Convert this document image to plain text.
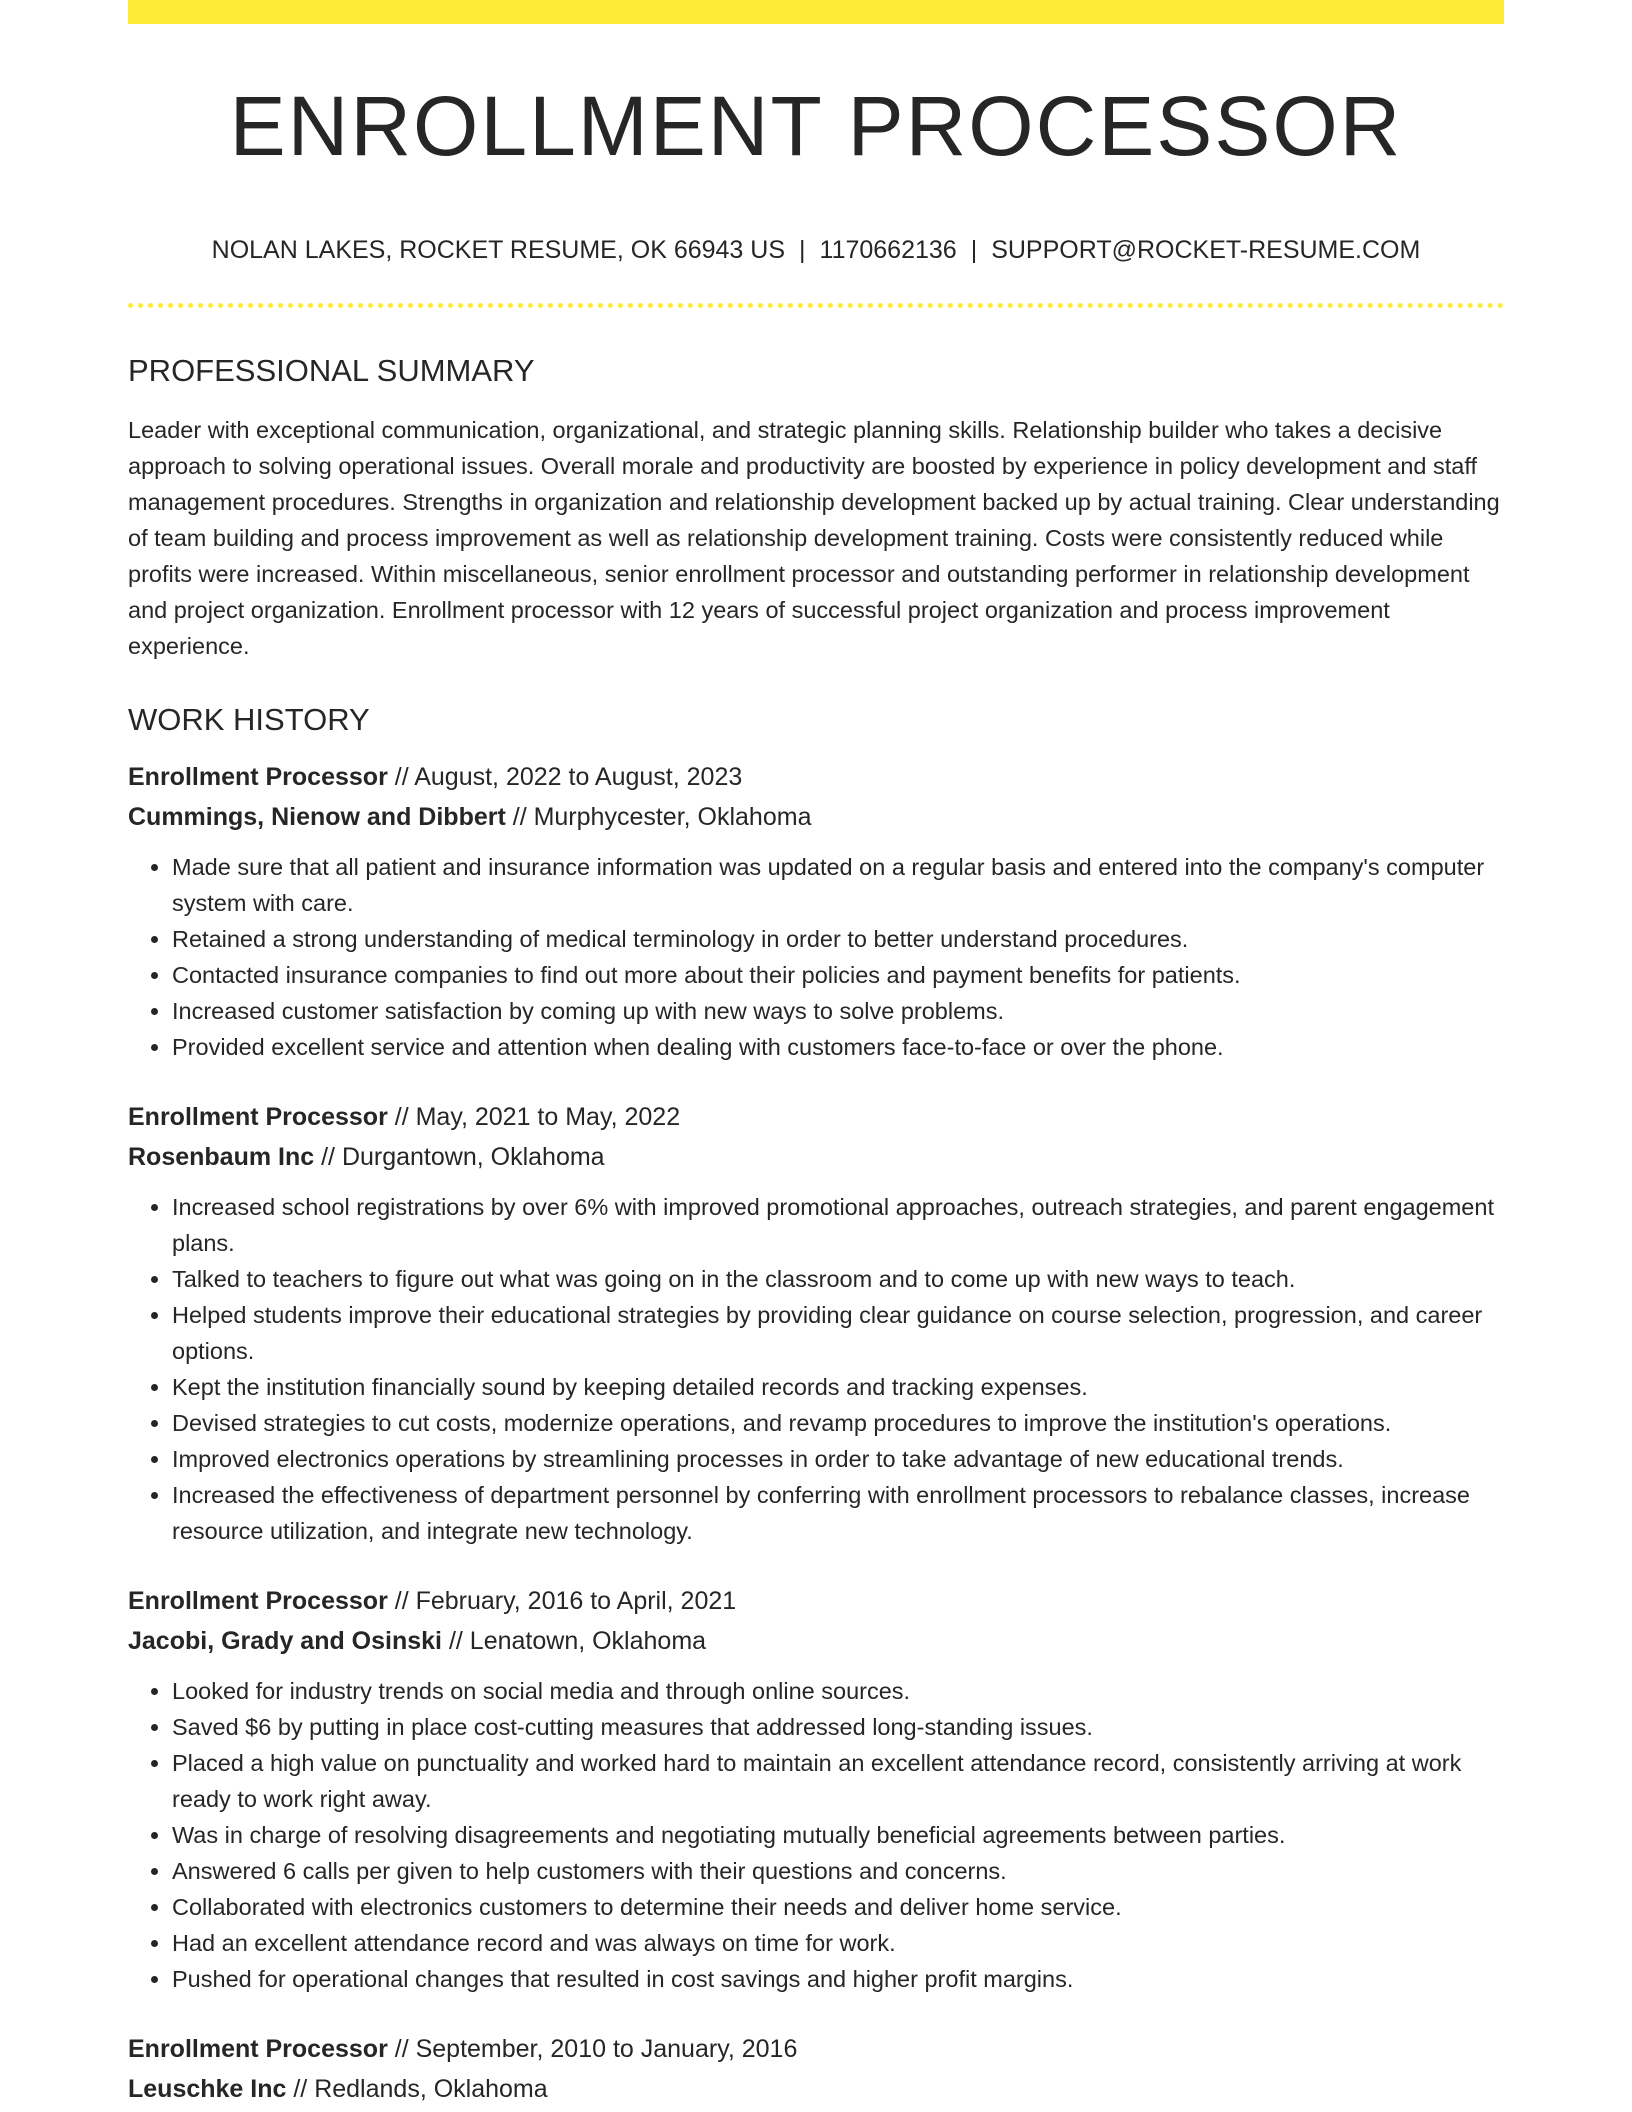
ENROLLMENT PROCESSOR
NOLAN LAKES, ROCKET RESUME, OK 66943 US | 1170662136 | SUPPORT@ROCKET-RESUME.COM
PROFESSIONAL SUMMARY
Leader with exceptional communication, organizational, and strategic planning skills. Relationship builder who takes a decisive approach to solving operational issues. Overall morale and productivity are boosted by experience in policy development and staff management procedures. Strengths in organization and relationship development backed up by actual training. Clear understanding of team building and process improvement as well as relationship development training. Costs were consistently reduced while profits were increased. Within miscellaneous, senior enrollment processor and outstanding performer in relationship development and project organization. Enrollment processor with 12 years of successful project organization and process improvement experience.
WORK HISTORY
Enrollment Processor // August, 2022 to August, 2023
Cummings, Nienow and Dibbert // Murphycester, Oklahoma
• Made sure that all patient and insurance information was updated on a regular basis and entered into the company's computer system with care.
• Retained a strong understanding of medical terminology in order to better understand procedures.
• Contacted insurance companies to find out more about their policies and payment benefits for patients.
• Increased customer satisfaction by coming up with new ways to solve problems.
• Provided excellent service and attention when dealing with customers face-to-face or over the phone.
Enrollment Processor // May, 2021 to May, 2022
Rosenbaum Inc // Durgantown, Oklahoma
• Increased school registrations by over 6% with improved promotional approaches, outreach strategies, and parent engagement plans.
• Talked to teachers to figure out what was going on in the classroom and to come up with new ways to teach.
• Helped students improve their educational strategies by providing clear guidance on course selection, progression, and career options.
• Kept the institution financially sound by keeping detailed records and tracking expenses.
• Devised strategies to cut costs, modernize operations, and revamp procedures to improve the institution's operations.
• Improved electronics operations by streamlining processes in order to take advantage of new educational trends.
• Increased the effectiveness of department personnel by conferring with enrollment processors to rebalance classes, increase resource utilization, and integrate new technology.
Enrollment Processor // February, 2016 to April, 2021
Jacobi, Grady and Osinski // Lenatown, Oklahoma
• Looked for industry trends on social media and through online sources.
• Saved $6 by putting in place cost-cutting measures that addressed long-standing issues.
• Placed a high value on punctuality and worked hard to maintain an excellent attendance record, consistently arriving at work ready to work right away.
• Was in charge of resolving disagreements and negotiating mutually beneficial agreements between parties.
• Answered 6 calls per given to help customers with their questions and concerns.
• Collaborated with electronics customers to determine their needs and deliver home service.
• Had an excellent attendance record and was always on time for work.
• Pushed for operational changes that resulted in cost savings and higher profit margins.
Enrollment Processor // September, 2010 to January, 2016
Leuschke Inc // Redlands, Oklahoma
